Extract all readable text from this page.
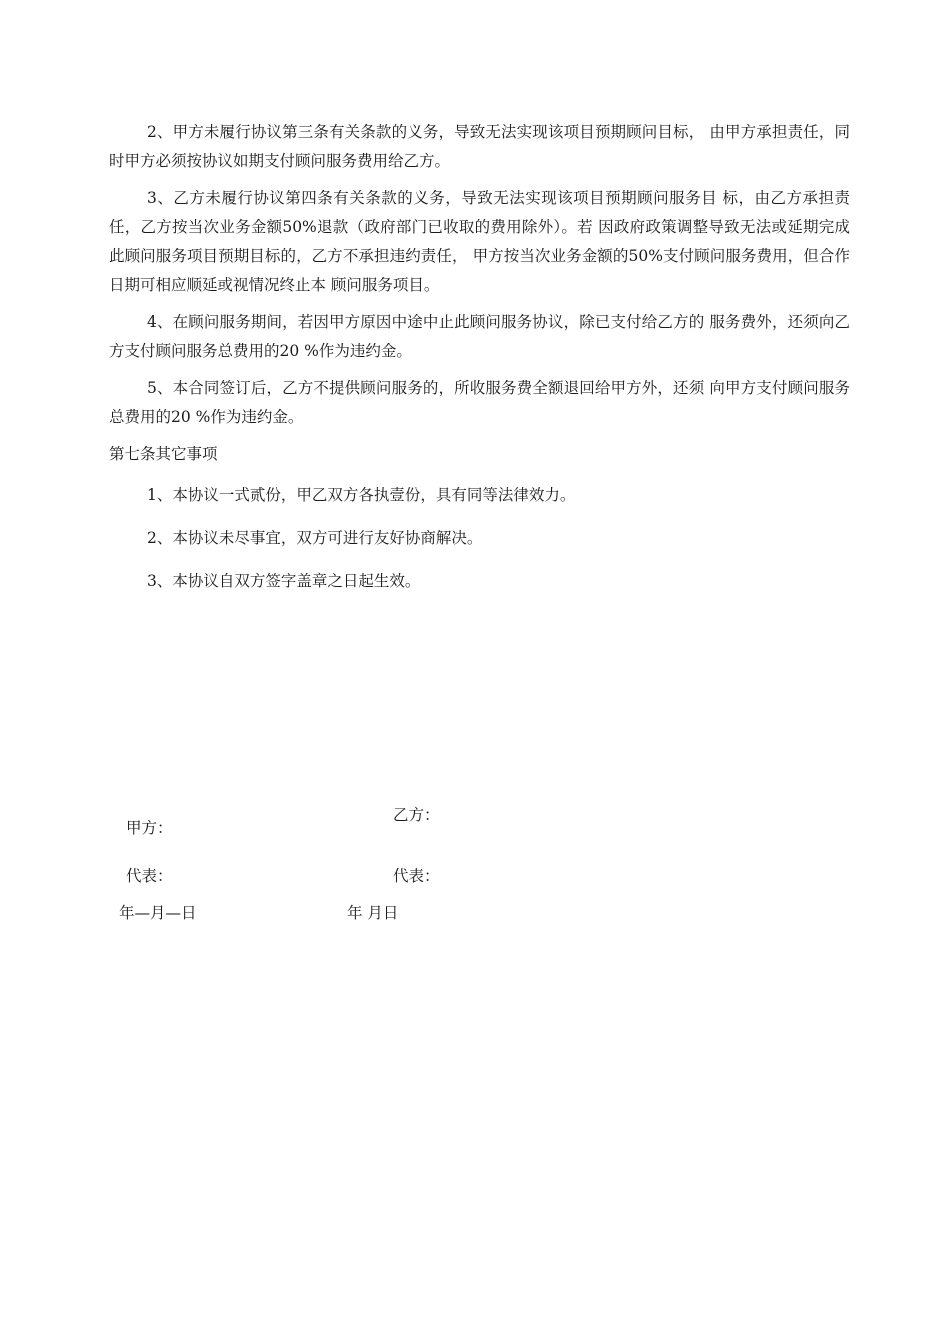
2、甲方未履行协议第三条有关条款的义务，导致无法实现该项目预期顾问目标， 由甲方承担责任，同时甲方必须按协议如期支付顾问服务费用给乙方。

3、乙方未履行协议第四条有关条款的义务，导致无法实现该项目预期顾问服务目 标，由乙方承担责任，乙方按当次业务金额50%退款（政府部门已收取的费用除外）。若 因政府政策调整导致无法或延期完成此顾问服务项目预期目标的，乙方不承担违约责任， 甲方按当次业务金额的50%支付顾问服务费用，但合作日期可相应顺延或视情况终止本 顾问服务项目。

4、在顾问服务期间，若因甲方原因中途中止此顾问服务协议，除已支付给乙方的 服务费外，还须向乙方支付顾问服务总费用的20 %作为违约金。

5、本合同签订后，乙方不提供顾问服务的，所收服务费全额退回给甲方外，还须 向甲方支付顾问服务总费用的20 %作为违约金。

第七条其它事项

1、本协议一式贰份，甲乙双方各执壹份，具有同等法律效力。

2、本协议未尽事宜，双方可进行友好协商解决。

3、本协议自双方签字盖章之日起生效。

甲方：
乙方：
代表：	代表：
年—月—日	年 月日
